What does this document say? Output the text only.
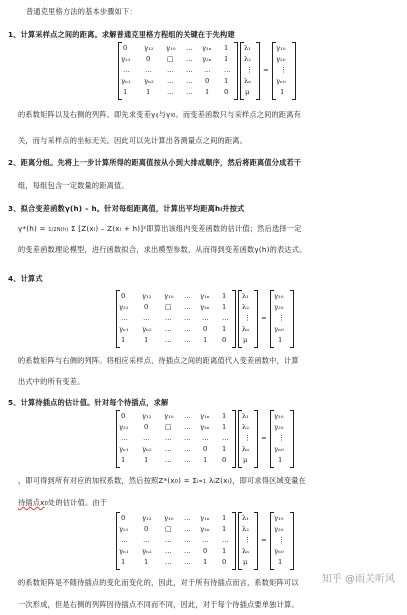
普通克里格方法的基本步骤如下：
1、计算采样点之间的距离。求解普通克里格方程组的关键在于先构建
0 γ₁₂ γ₁₀ … γ₁ₙ 1
γ₂₁ 0 □ … γ₂ₙ 1
… … … … … …
γₙ₁ γₙ₂ … … 0 1
1	1 … … 1 0
λ₁
λ₂
⋮
λₙ
μ
=
γ₁₀
γ₂₀
⋮
γₙ₀
1
的系数矩阵以及右侧的列阵。即先求变差γij与γi0。而变差函数只与采样点之间的距离有
关，而与采样点的坐标无关。因此可以先计算出各测量点之间的距离。
2、距离分组。先将上一步计算所得的距离值按从小到大排成顺序，然后将距离值分成若干
组，每组包含一定数量的距离值。
3、拟合变差函数γ(h) – h。针对每组距离值，计算出平均距离hi并按式
γ*(h) = 1/2N(h) Σ [Z(xi) – Z(xi + h)]²即算出该组内变差函数的估计值；然后选择一定
的变差函数理论模型，进行函数拟合，求出模型参数，从而得到变差函数γ(h)的表达式。
4、计算式
0 γ₁₂ γ₁₀ … γ₁ₙ 1
γ₂₁ 0 □ … γ₂ₙ 1
… … … … … …
γₙ₁ γₙ₂ … … 0 1
1	1 … … 1 0
λ₁
λ₂
⋮
λₙ
μ
=
γ₁₀
γ₂₀
⋮
γₙ₀
1
的系数矩阵与右侧的列阵。将相应采样点、待插点之间的距离值代入变差函数中，计算
出式中的所有变差。
5、计算待插点的估计值。针对每个待插点，求解
0 γ₁₂ γ₁₀ … γ₁ₙ 1
γ₂₁ 0 □ … γ₂ₙ 1
… … … … … …
γₙ₁ γₙ₂ … … 0 1
1	1 … … 1 0
λ₁
λ₂
⋮
λₙ
μ
=
γ₁₀
γ₂₀
⋮
γₙ₀
1
，即可得到所有对应的加权系数，然后按照Z*(x0) = Σi=1 λiZ(xi)，即可求得区域变量在
待插点x0处的估计值。由于
0 γ₁₂ γ₁₀ … γ₁ₙ 1
γ₂₁ 0 □ … γ₂ₙ 1
… … … … … …
γₙ₁ γₙ₂ … … 0 1
1	1 … … 1 0
λ₁
λ₂
⋮
λₙ
μ
=
γ₁₀
γ₂₀
⋮
γₙ₀
1
的系数矩阵是不随待插点的变化而变化的，因此，对于所有待插点而言，系数矩阵可以
一次形成，但是右侧的列阵因待插点不同而不同，因此，对于每个待插点要单独计算。
知乎 @雨关听风
